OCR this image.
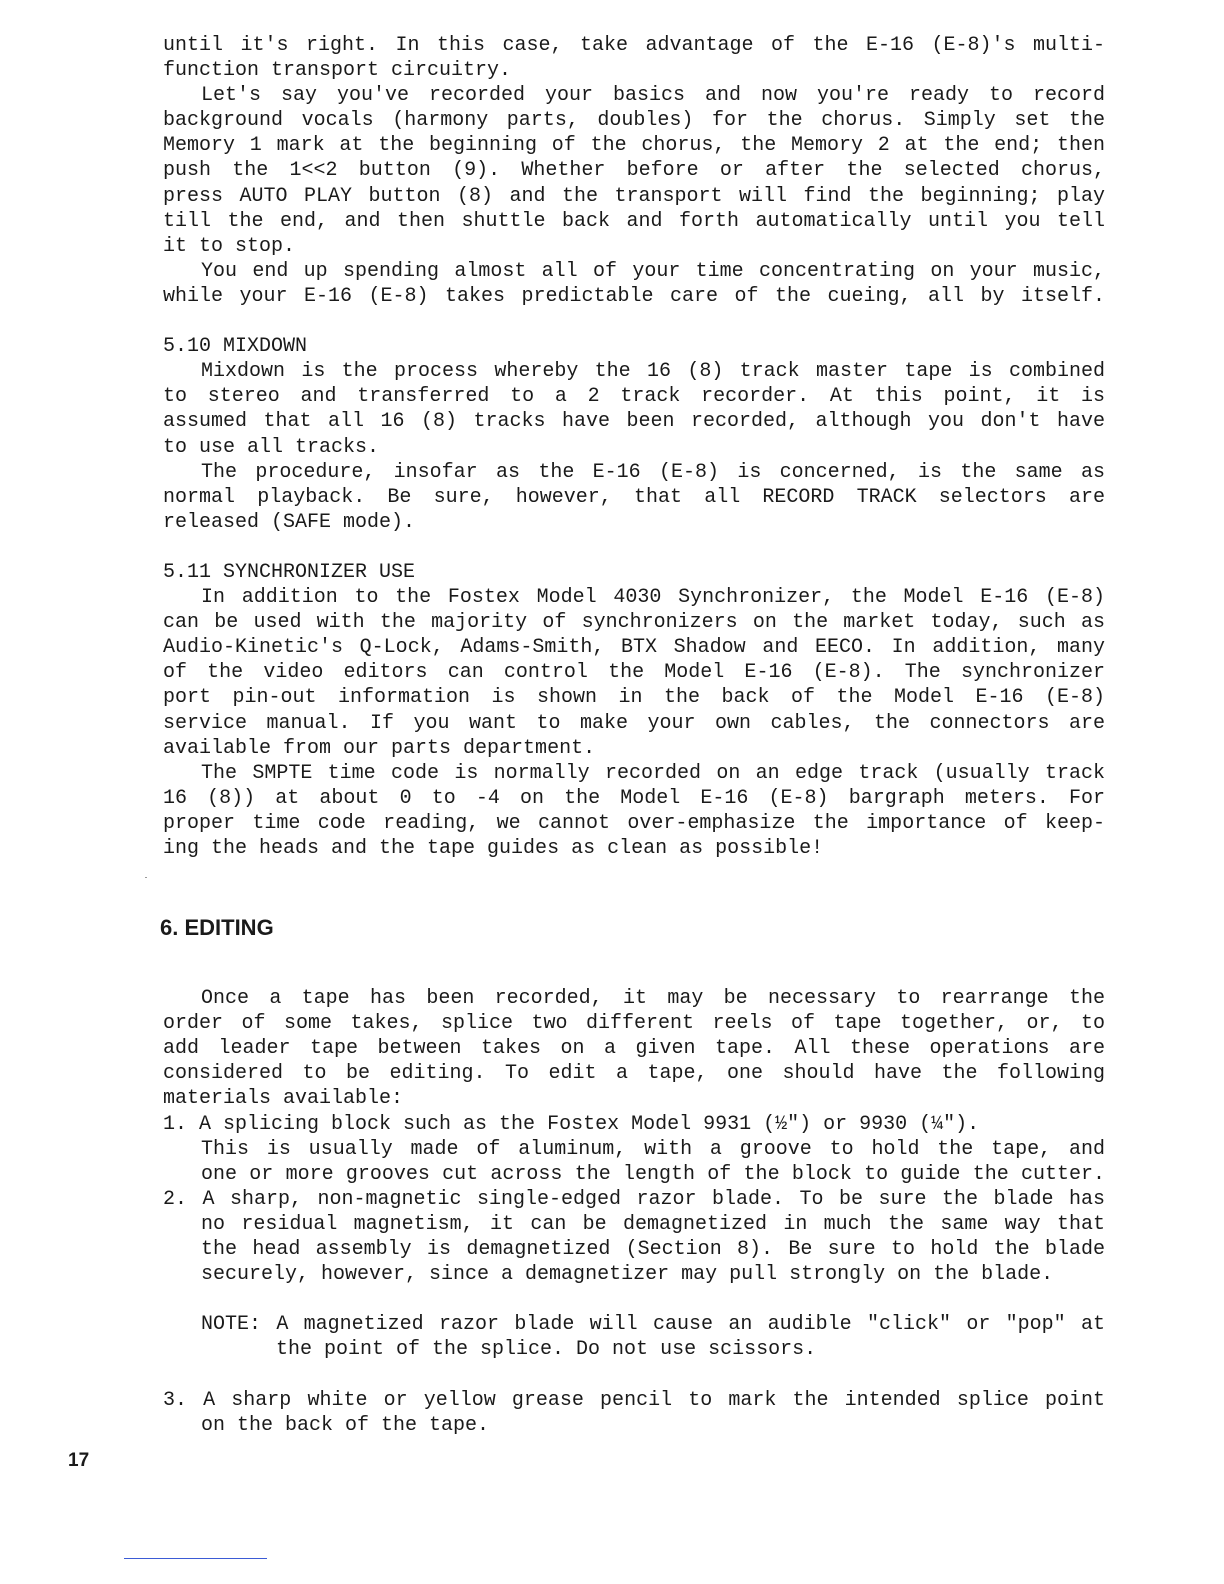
until it's right. In this case, take advantage of the E-16 (E-8)'s multi-
function transport circuitry.
Let's say you've recorded your basics and now you're ready to record
background vocals (harmony parts, doubles) for the chorus. Simply set the
Memory 1 mark at the beginning of the chorus, the Memory 2 at the end; then
push the 1<<2 button (9). Whether before or after the selected chorus,
press AUTO PLAY button (8) and the transport will find the beginning; play
till the end, and then shuttle back and forth automatically until you tell
it to stop.
You end up spending almost all of your time concentrating on your music,
while your E-16 (E-8) takes predictable care of the cueing, all by itself.
5.10 MIXDOWN
Mixdown is the process whereby the 16 (8) track master tape is combined
to stereo and transferred to a 2 track recorder. At this point, it is
assumed that all 16 (8) tracks have been recorded, although you don't have
to use all tracks.
The procedure, insofar as the E-16 (E-8) is concerned, is the same as
normal playback. Be sure, however, that all RECORD TRACK selectors are
released (SAFE mode).
5.11 SYNCHRONIZER USE
In addition to the Fostex Model 4030 Synchronizer, the Model E-16 (E-8)
can be used with the majority of synchronizers on the market today, such as
Audio-Kinetic's Q-Lock, Adams-Smith, BTX Shadow and EECO. In addition, many
of the video editors can control the Model E-16 (E-8). The synchronizer
port pin-out information is shown in the back of the Model E-16 (E-8)
service manual. If you want to make your own cables, the connectors are
available from our parts department.
The SMPTE time code is normally recorded on an edge track (usually track
16 (8)) at about 0 to -4 on the Model E-16 (E-8) bargraph meters. For
proper time code reading, we cannot over-emphasize the importance of keep-
ing the heads and the tape guides as clean as possible!
6. EDITING
Once a tape has been recorded, it may be necessary to rearrange the
order of some takes, splice two different reels of tape together, or, to
add leader tape between takes on a given tape. All these operations are
considered to be editing. To edit a tape, one should have the following
materials available:
1. A splicing block such as the Fostex Model 9931 (½") or 9930 (¼").
This is usually made of aluminum, with a groove to hold the tape, and
one or more grooves cut across the length of the block to guide the cutter.
2. A sharp, non-magnetic single-edged razor blade. To be sure the blade has
no residual magnetism, it can be demagnetized in much the same way that
the head assembly is demagnetized (Section 8). Be sure to hold the blade
securely, however, since a demagnetizer may pull strongly on the blade.
NOTE: A magnetized razor blade will cause an audible "click" or "pop" at
the point of the splice. Do not use scissors.
3. A sharp white or yellow grease pencil to mark the intended splice point
on the back of the tape.
17
